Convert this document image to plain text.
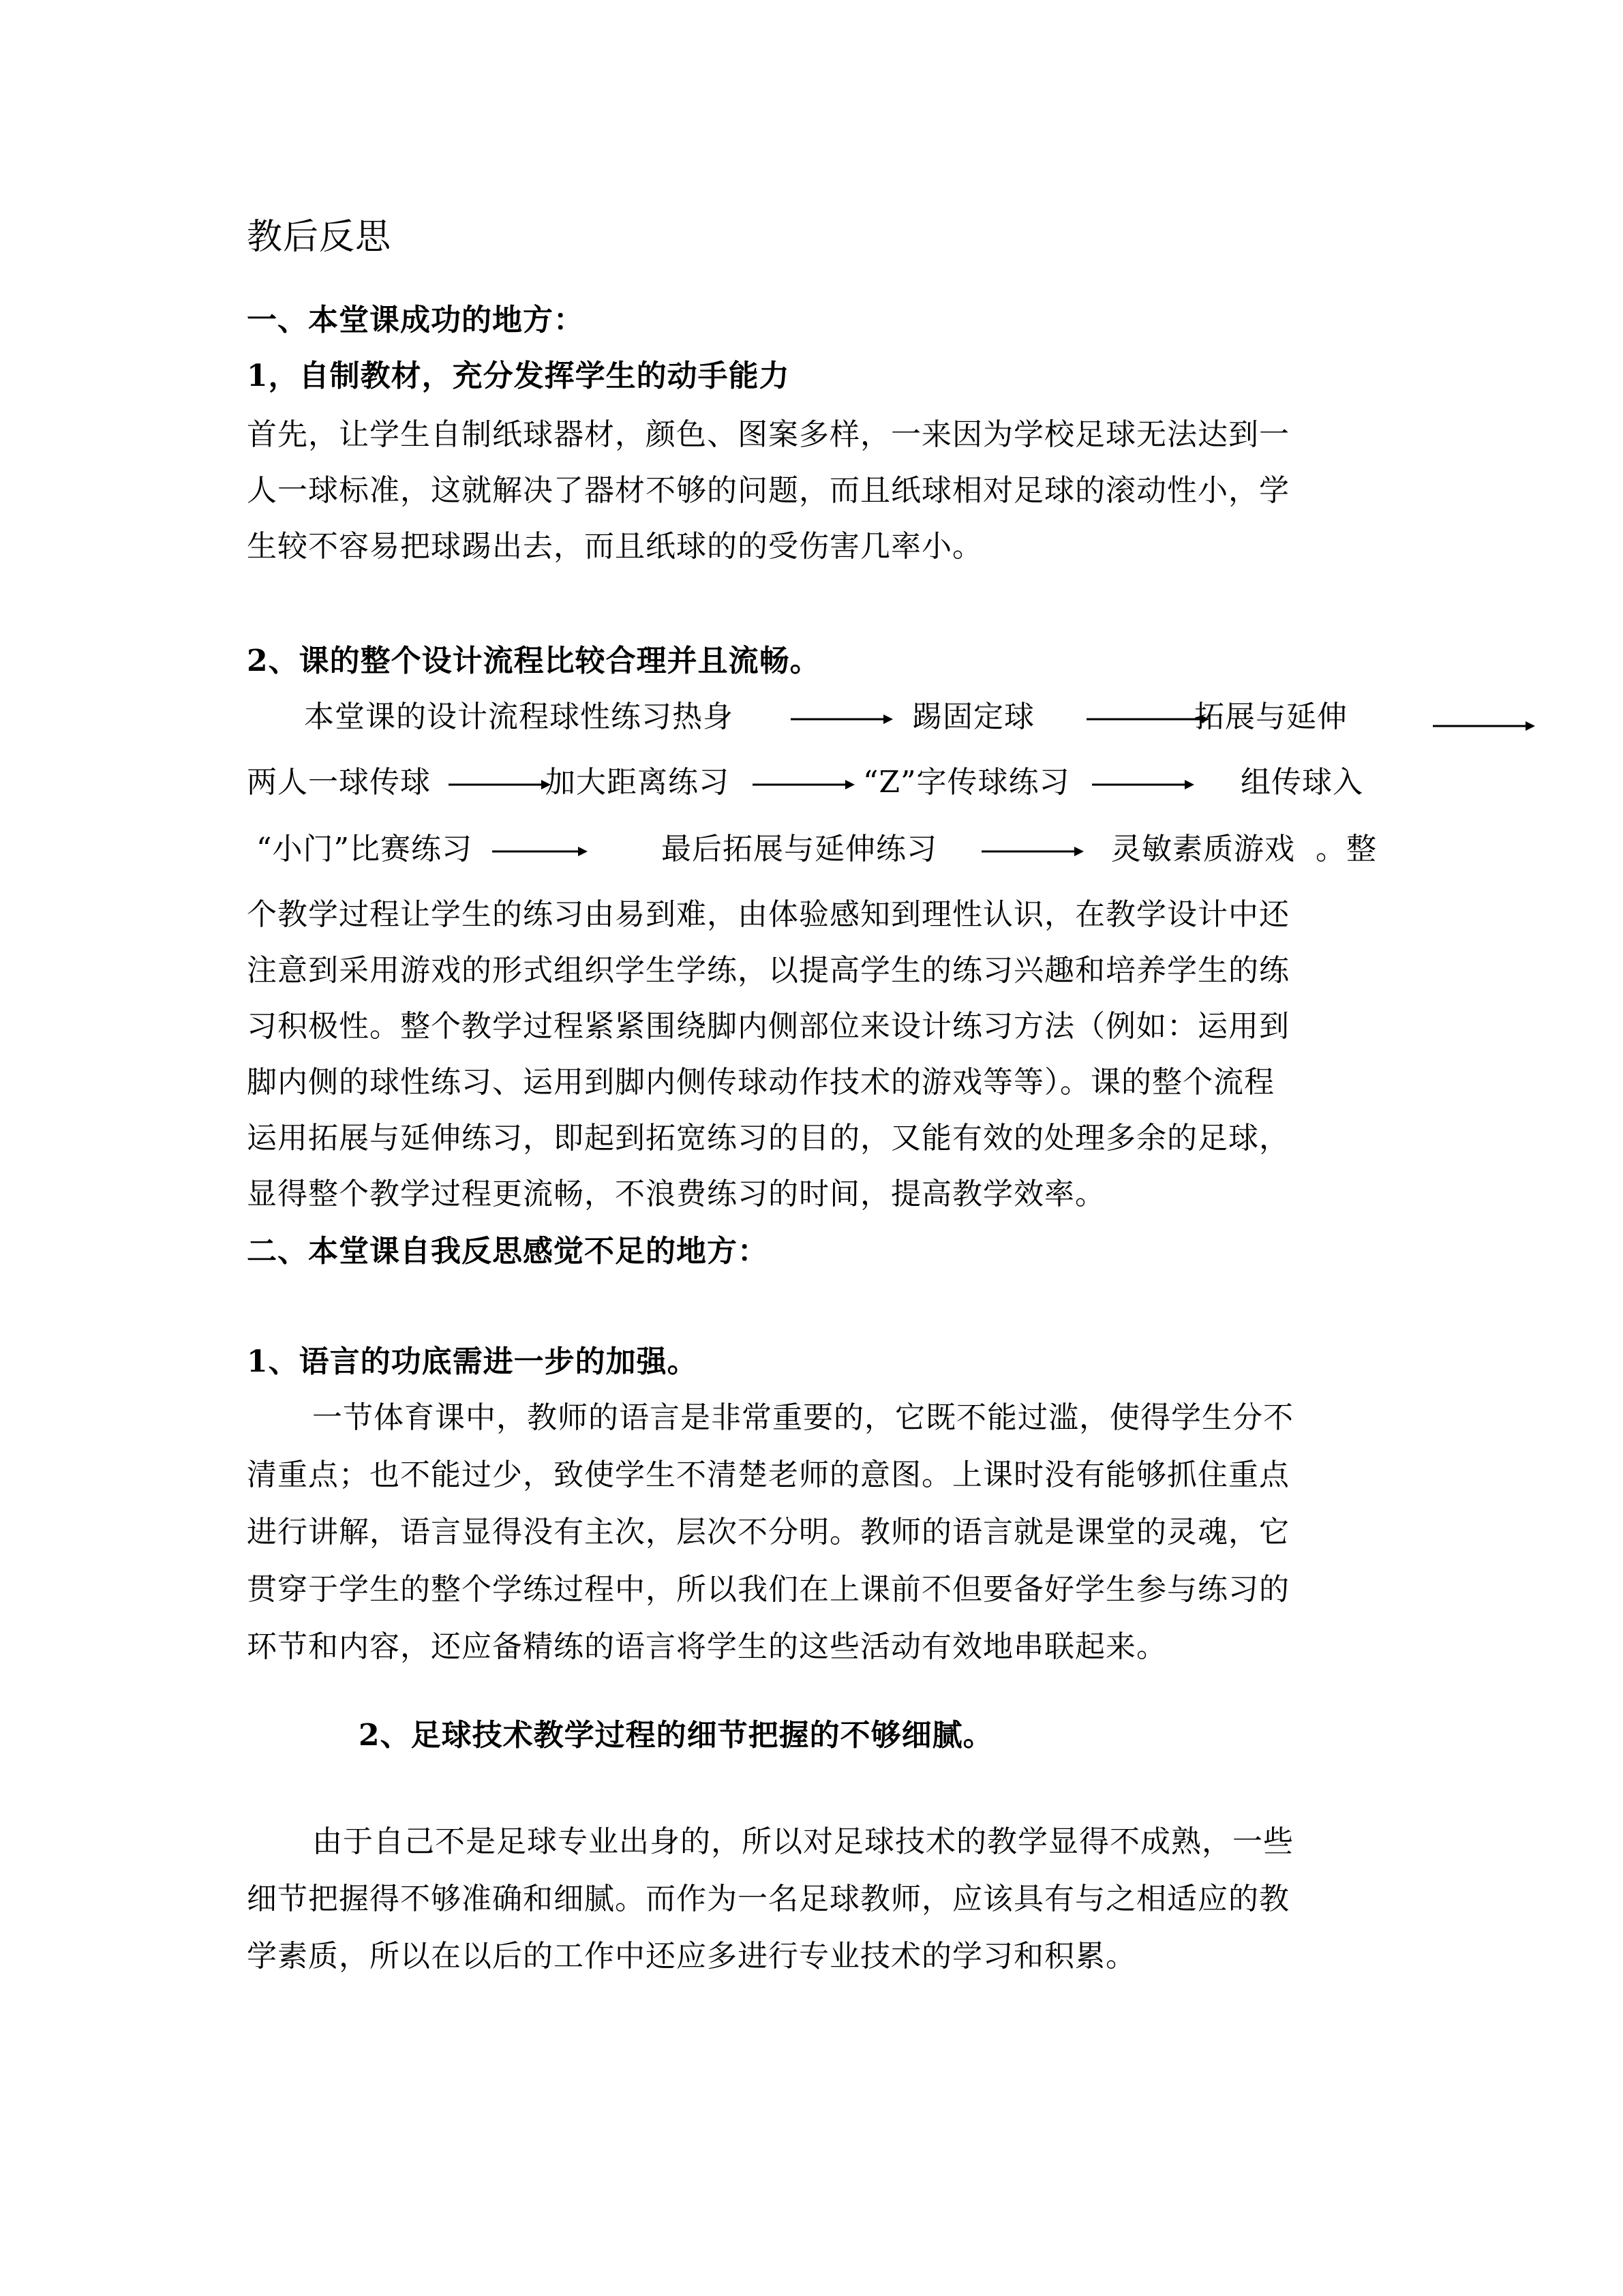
教后反思
一、本堂课成功的地方：
1，自制教材，充分发挥学生的动手能力
首先，让学生自制纸球器材，颜色、图案多样，一来因为学校足球无法达到一
人一球标准，这就解决了器材不够的问题，而且纸球相对足球的滚动性小，学
生较不容易把球踢出去，而且纸球的的受伤害几率小。
2、课的整个设计流程比较合理并且流畅。
本堂课的设计流程球性练习热身	踢固定球	拓展与延伸
两人一球传球	加大距离练习	“Z”字传球练习	组传球入
“小门”比赛练习	最后拓展与延伸练习	灵敏素质游戏 。整
个教学过程让学生的练习由易到难，由体验感知到理性认识，在教学设计中还
注意到采用游戏的形式组织学生学练，以提高学生的练习兴趣和培养学生的练
习积极性。整个教学过程紧紧围绕脚内侧部位来设计练习方法（例如：运用到
脚内侧的球性练习、运用到脚内侧传球动作技术的游戏等等）。课的整个流程
运用拓展与延伸练习，即起到拓宽练习的目的，又能有效的处理多余的足球，
显得整个教学过程更流畅，不浪费练习的时间，提高教学效率。
二、本堂课自我反思感觉不足的地方：
1、语言的功底需进一步的加强。
一节体育课中，教师的语言是非常重要的，它既不能过滥，使得学生分不
清重点；也不能过少，致使学生不清楚老师的意图。上课时没有能够抓住重点
进行讲解，语言显得没有主次，层次不分明。教师的语言就是课堂的灵魂，它
贯穿于学生的整个学练过程中，所以我们在上课前不但要备好学生参与练习的
环节和内容，还应备精练的语言将学生的这些活动有效地串联起来。
2、足球技术教学过程的细节把握的不够细腻。
由于自己不是足球专业出身的，所以对足球技术的教学显得不成熟，一些
细节把握得不够准确和细腻。而作为一名足球教师，应该具有与之相适应的教
学素质，所以在以后的工作中还应多进行专业技术的学习和积累。
